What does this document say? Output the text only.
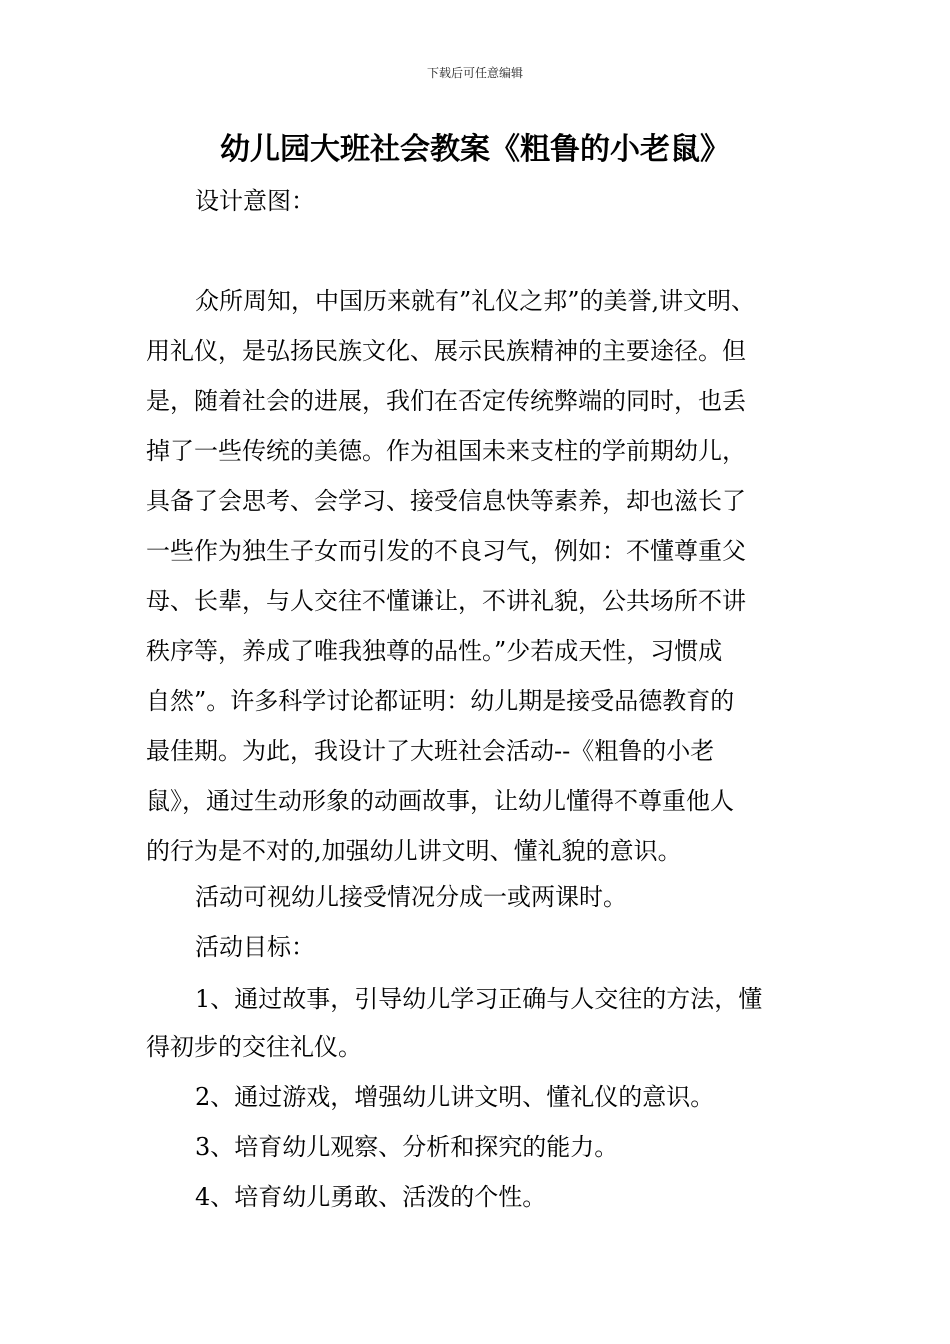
下载后可任意编辑
幼儿园大班社会教案《粗鲁的小老鼠》
设计意图：
众所周知，中国历来就有”礼仪之邦”的美誉,讲文明、
用礼仪，是弘扬民族文化、展示民族精神的主要途径。但
是，随着社会的进展，我们在否定传统弊端的同时，也丢
掉了一些传统的美德。作为祖国未来支柱的学前期幼儿，
具备了会思考、会学习、接受信息快等素养，却也滋长了
一些作为独生子女而引发的不良习气，例如：不懂尊重父
母、长辈，与人交往不懂谦让，不讲礼貌，公共场所不讲
秩序等，养成了唯我独尊的品性。”少若成天性，习惯成
自然”。许多科学讨论都证明：幼儿期是接受品德教育的
最佳期。为此，我设计了大班社会活动--《粗鲁的小老
鼠》，通过生动形象的动画故事，让幼儿懂得不尊重他人
的行为是不对的,加强幼儿讲文明、懂礼貌的意识。
活动可视幼儿接受情况分成一或两课时。
活动目标：
1、通过故事，引导幼儿学习正确与人交往的方法，懂
得初步的交往礼仪。
2、通过游戏，增强幼儿讲文明、懂礼仪的意识。
3、培育幼儿观察、分析和探究的能力。
4、培育幼儿勇敢、活泼的个性。
